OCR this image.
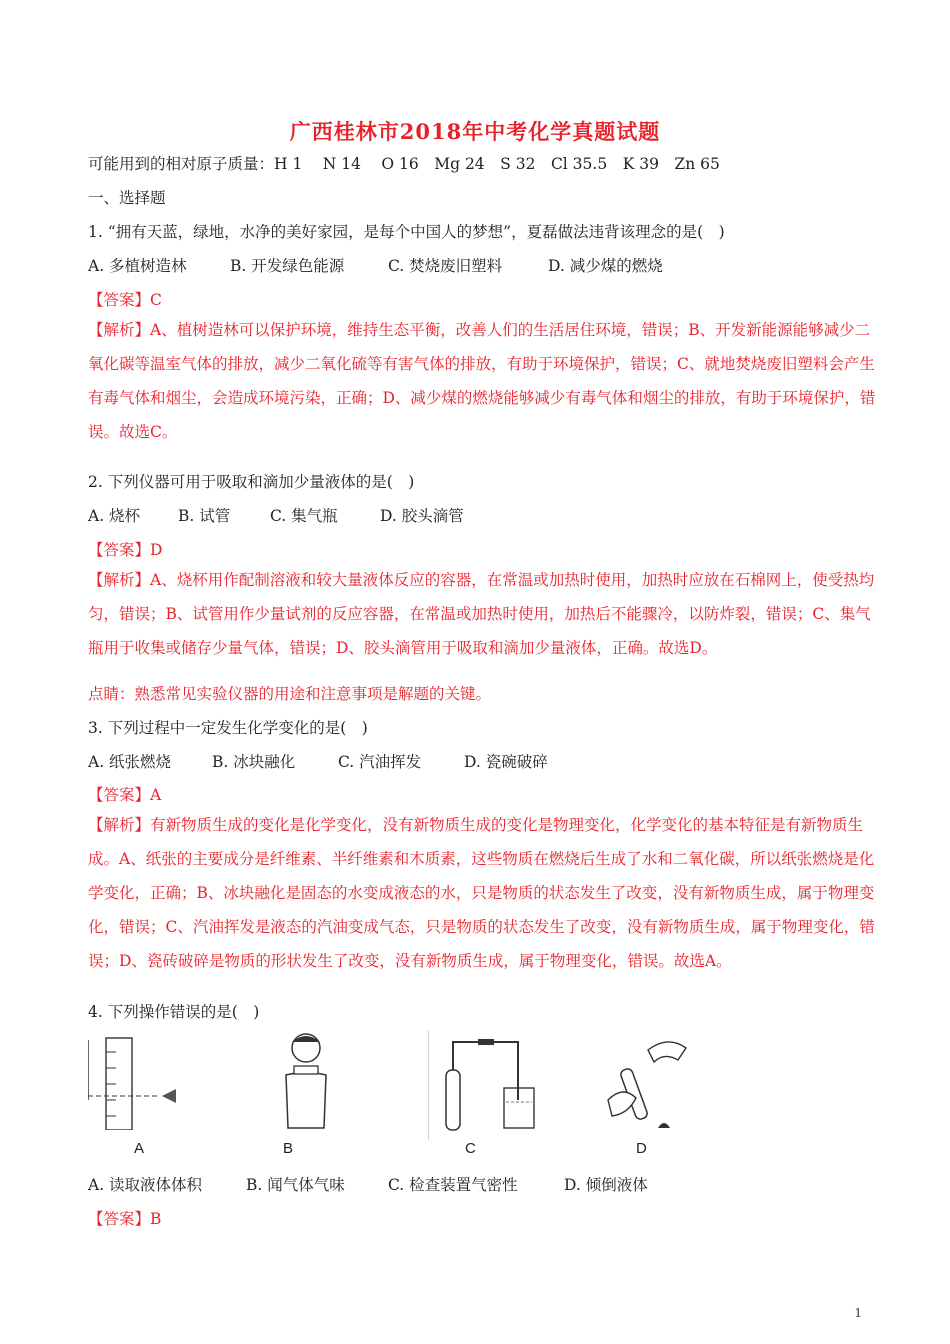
广西桂林市2018年中考化学真题试题
可能用到的相对原子质量：H 1　 N 14　 O 16　Mg 24　S 32　Cl 35.5　K 39　Zn 65
一、选择题
1. “拥有天蓝，绿地，水净的美好家园，是每个中国人的梦想”，夏磊做法违背该理念的是(　)
A. 多植树造林	B. 开发绿色能源	C. 焚烧废旧塑料	D. 减少煤的燃烧
【答案】C
【解析】A、植树造林可以保护环境，维持生态平衡，改善人们的生活居住环境，错误；B、开发新能源能够减少二氧化碳等温室气体的排放，减少二氧化硫等有害气体的排放，有助于环境保护，错误；C、就地焚烧废旧塑料会产生有毒气体和烟尘，会造成环境污染，正确；D、减少煤的燃烧能够减少有毒气体和烟尘的排放，有助于环境保护，错误。故选C。
2. 下列仪器可用于吸取和滴加少量液体的是(　)
A. 烧杯 B. 试管	C. 集气瓶	D. 胶头滴管
【答案】D
【解析】A、烧杯用作配制溶液和较大量液体反应的容器，在常温或加热时使用，加热时应放在石棉网上，使受热均匀，错误；B、试管用作少量试剂的反应容器，在常温或加热时使用，加热后不能骤冷，以防炸裂，错误；C、集气瓶用于收集或储存少量气体，错误；D、胶头滴管用于吸取和滴加少量液体，正确。故选D。
点睛：熟悉常见实验仪器的用途和注意事项是解题的关键。
3. 下列过程中一定发生化学变化的是(　)
A. 纸张燃烧	B. 冰块融化	C. 汽油挥发	D. 瓷碗破碎
【答案】A
【解析】有新物质生成的变化是化学变化，没有新物质生成的变化是物理变化，化学变化的基本特征是有新物质生成。A、纸张的主要成分是纤维素、半纤维素和木质素，这些物质在燃烧后生成了水和二氧化碳，所以纸张燃烧是化学变化，正确；B、冰块融化是固态的水变成液态的水，只是物质的状态发生了改变，没有新物质生成，属于物理变化，错误；C、汽油挥发是液态的汽油变成气态，只是物质的状态发生了改变，没有新物质生成，属于物理变化，错误；D、瓷砖破碎是物质的形状发生了改变，没有新物质生成，属于物理变化，错误。故选A。
4. 下列操作错误的是(　)
A	B	C	D
A. 读取液体体积	B. 闻气体气味	C. 检查装置气密性	D. 倾倒液体
【答案】B
1
